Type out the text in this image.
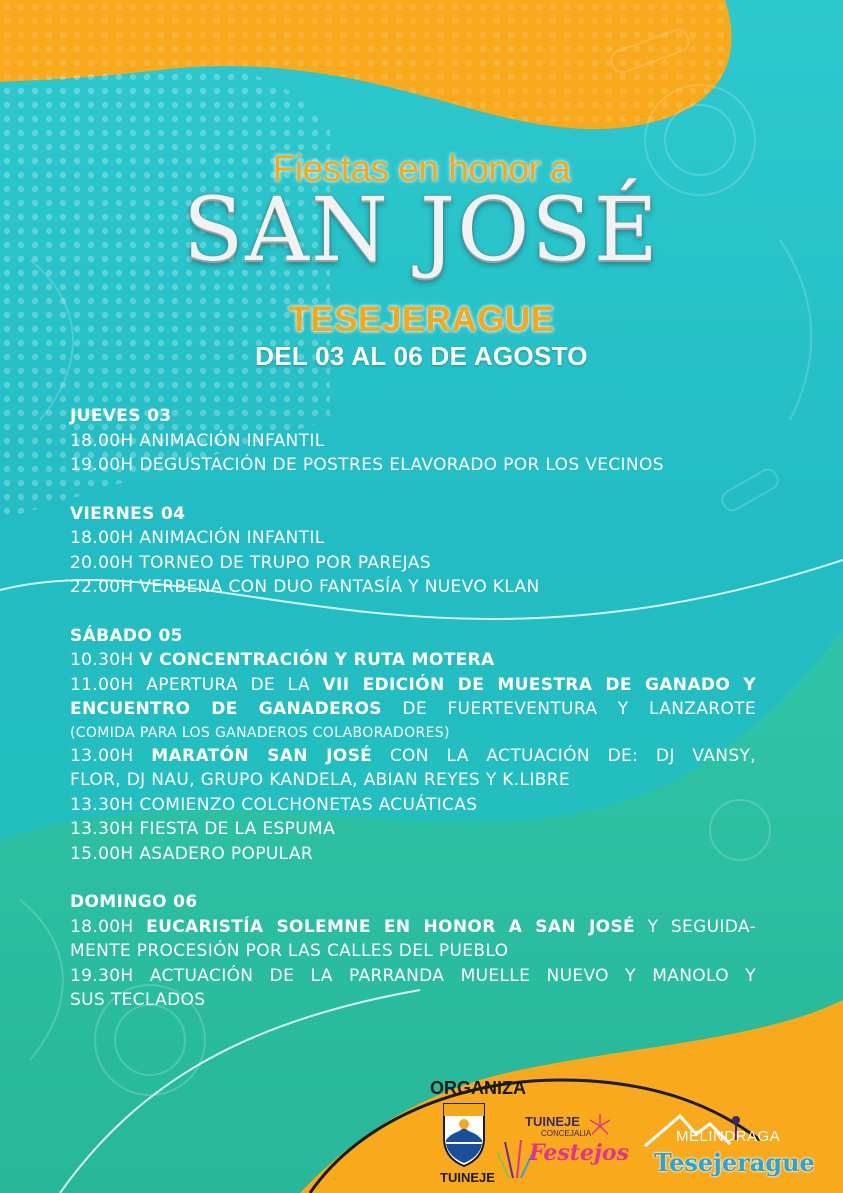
Fiestas en honor a
SAN JOSÉ
TESEJERAGUE
DEL 03 AL 06 DE AGOSTO
JUEVES 03
18.00H ANIMACIÓN INFANTIL
19.00H DEGUSTACIÓN DE POSTRES ELAVORADO POR LOS VECINOS
VIERNES 04
18.00H ANIMACIÓN INFANTIL
20.00H TORNEO DE TRUPO POR PAREJAS
22.00H VERBENA CON DUO FANTASÍA Y NUEVO KLAN
SÁBADO 05
10.30H V CONCENTRACIÓN Y RUTA MOTERA
11.00H APERTURA DE LA VII EDICIÓN DE MUESTRA DE GANADO Y
ENCUENTRO DE GANADEROS DE FUERTEVENTURA Y LANZAROTE
(COMIDA PARA LOS GANADEROS COLABORADORES)
13.00H MARATÓN SAN JOSÉ CON LA ACTUACIÓN DE: DJ VANSY,
FLOR, DJ NAU, GRUPO KANDELA, ABIAN REYES Y K.LIBRE
13.30H COMIENZO COLCHONETAS ACUÁTICAS
13.30H FIESTA DE LA ESPUMA
15.00H ASADERO POPULAR
DOMINGO 06
18.00H EUCARISTÍA SOLEMNE EN HONOR A SAN JOSÉ Y SEGUIDA-
MENTE PROCESIÓN POR LAS CALLES DEL PUEBLO
19.30H ACTUACIÓN DE LA PARRANDA MUELLE NUEVO Y MANOLO Y
SUS TECLADOS
ORGANIZA
TUINEJE
TUINEJE
CONCEJALIA
Festejos
MELINDRAGA
Tesejerague
